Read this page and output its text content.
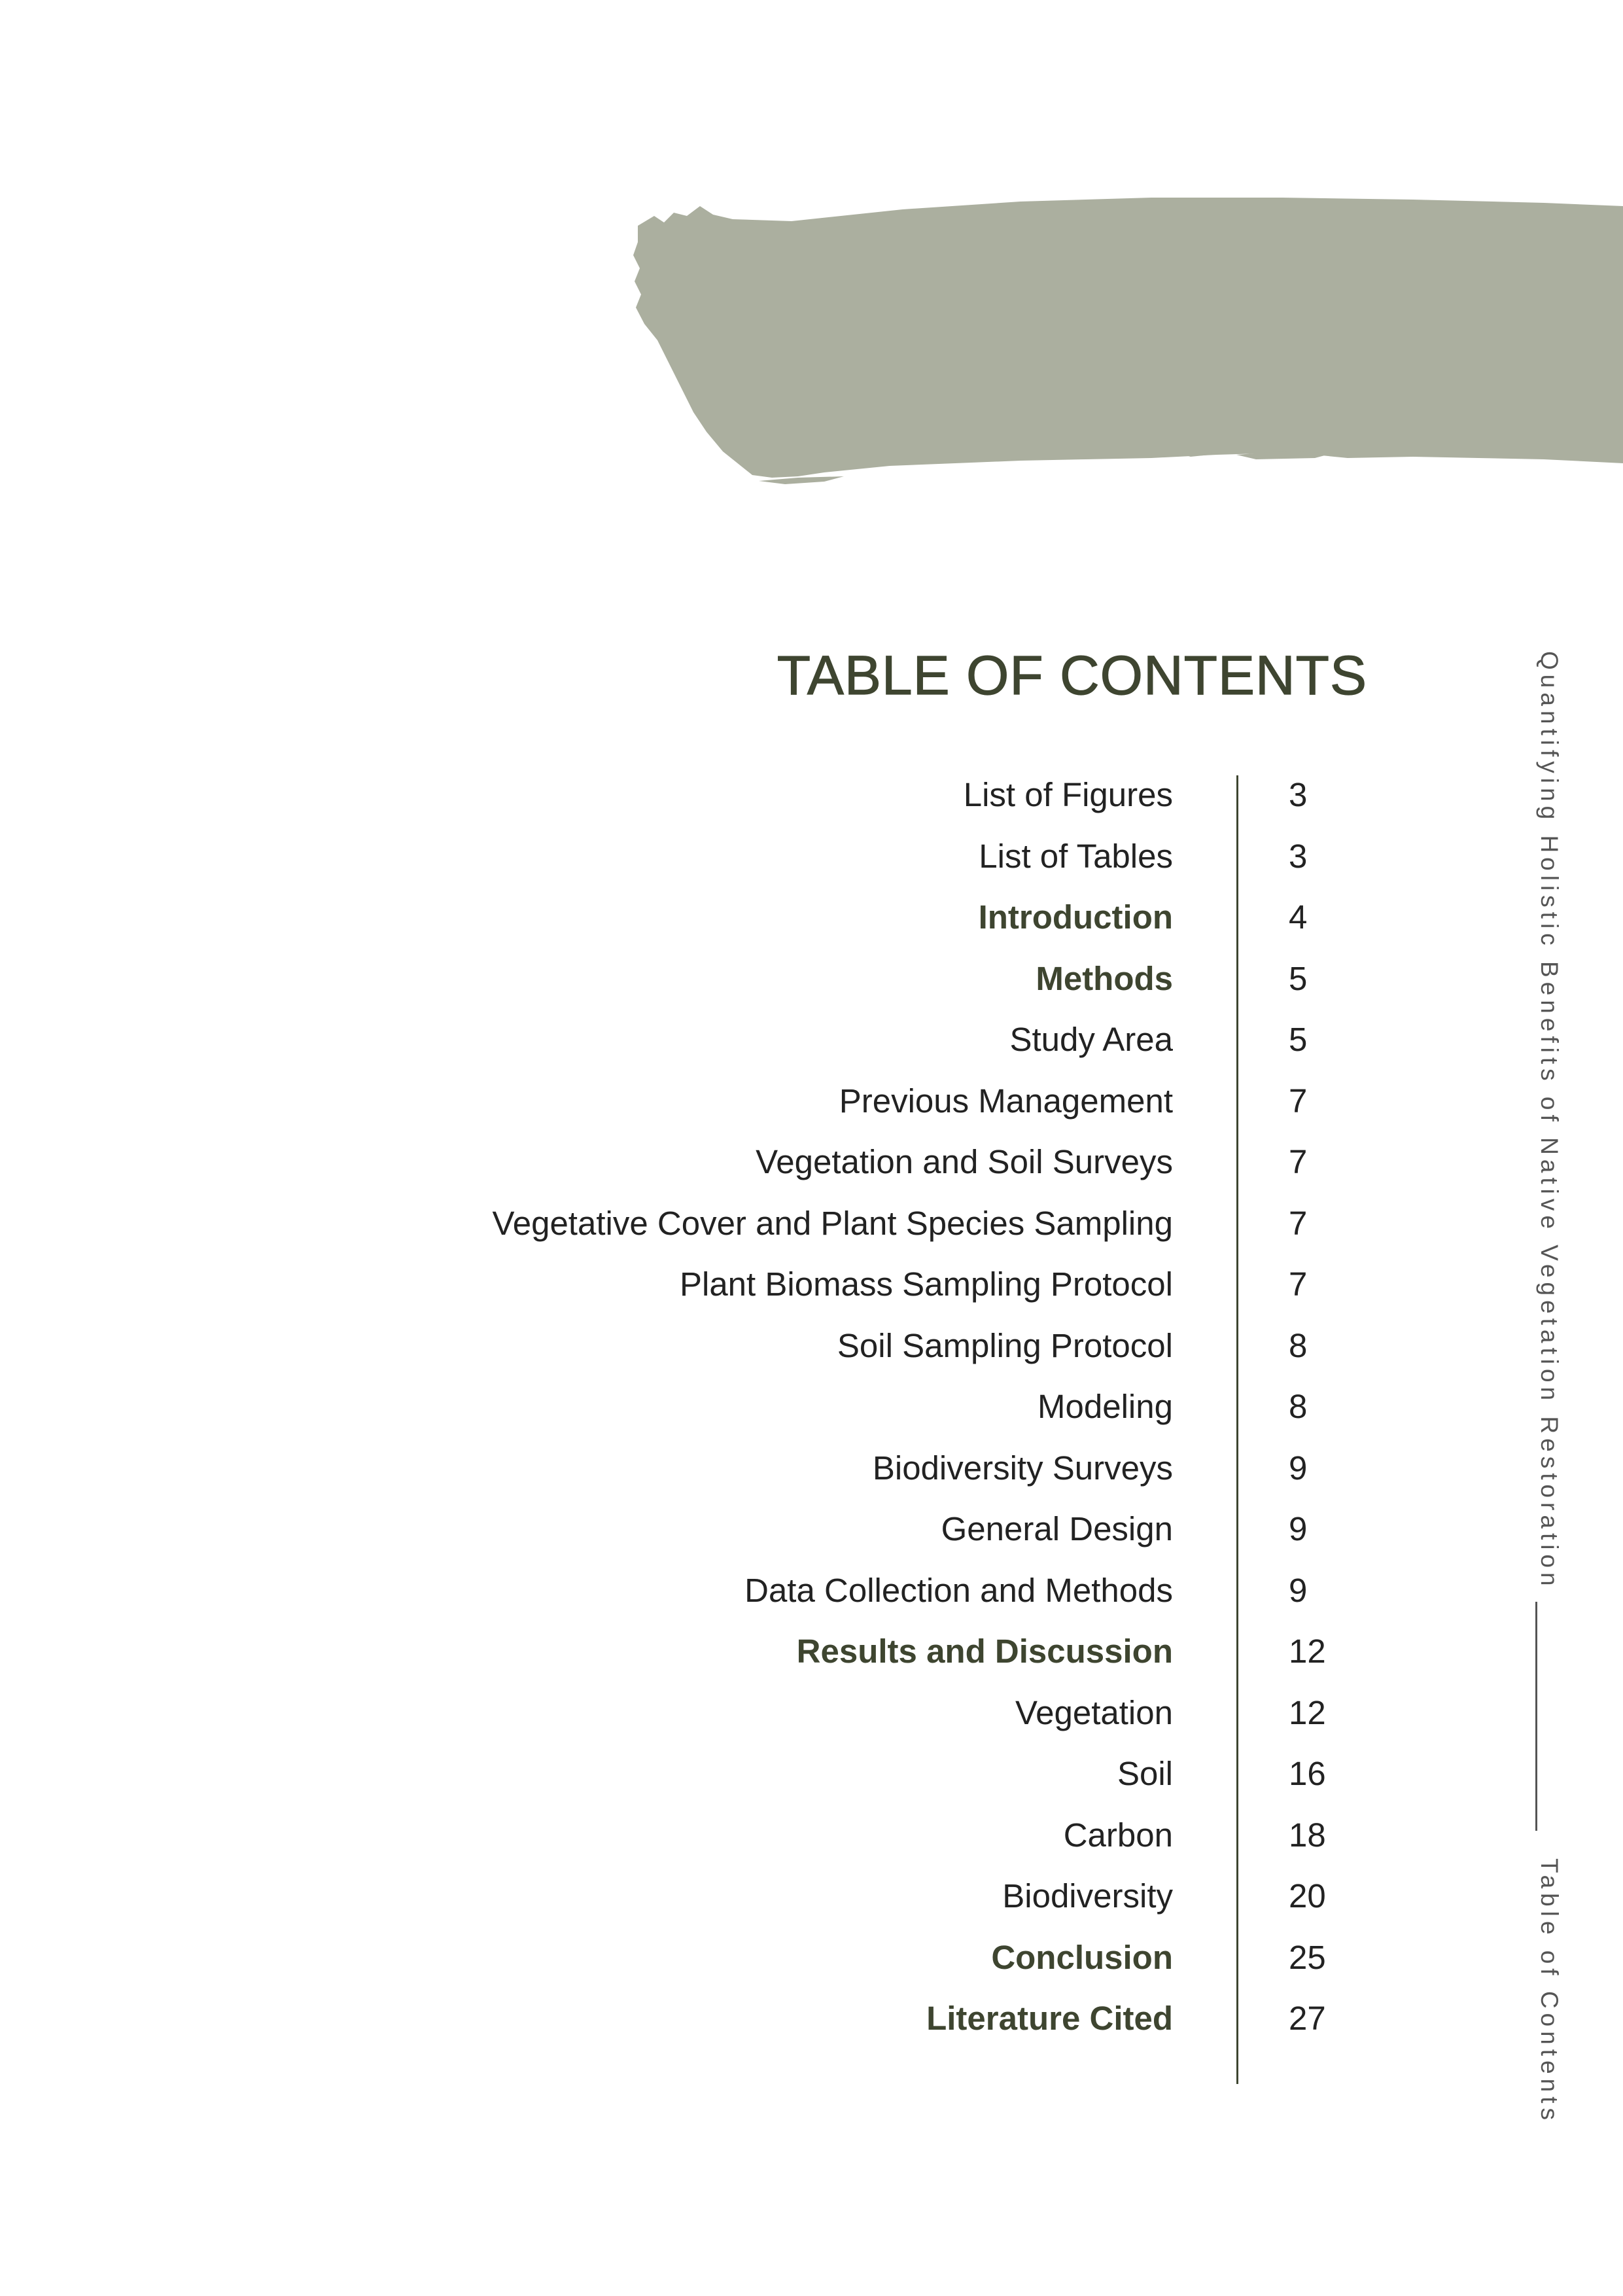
TABLE OF CONTENTS
List of Figures	3
List of Tables	3
Introduction	4
Methods	5
Study Area	5
Previous Management	7
Vegetation and Soil Surveys	7
Vegetative Cover and Plant Species Sampling	7
Plant Biomass Sampling Protocol	7
Soil Sampling Protocol	8
Modeling	8
Biodiversity Surveys	9
General Design	9
Data Collection and Methods	9
Results and Discussion	12
Vegetation	12
Soil	16
Carbon	18
Biodiversity	20
Conclusion	25
Literature Cited	27
Quantifying Holistic Benefits of Native Vegetation Restoration
Table of Contents
